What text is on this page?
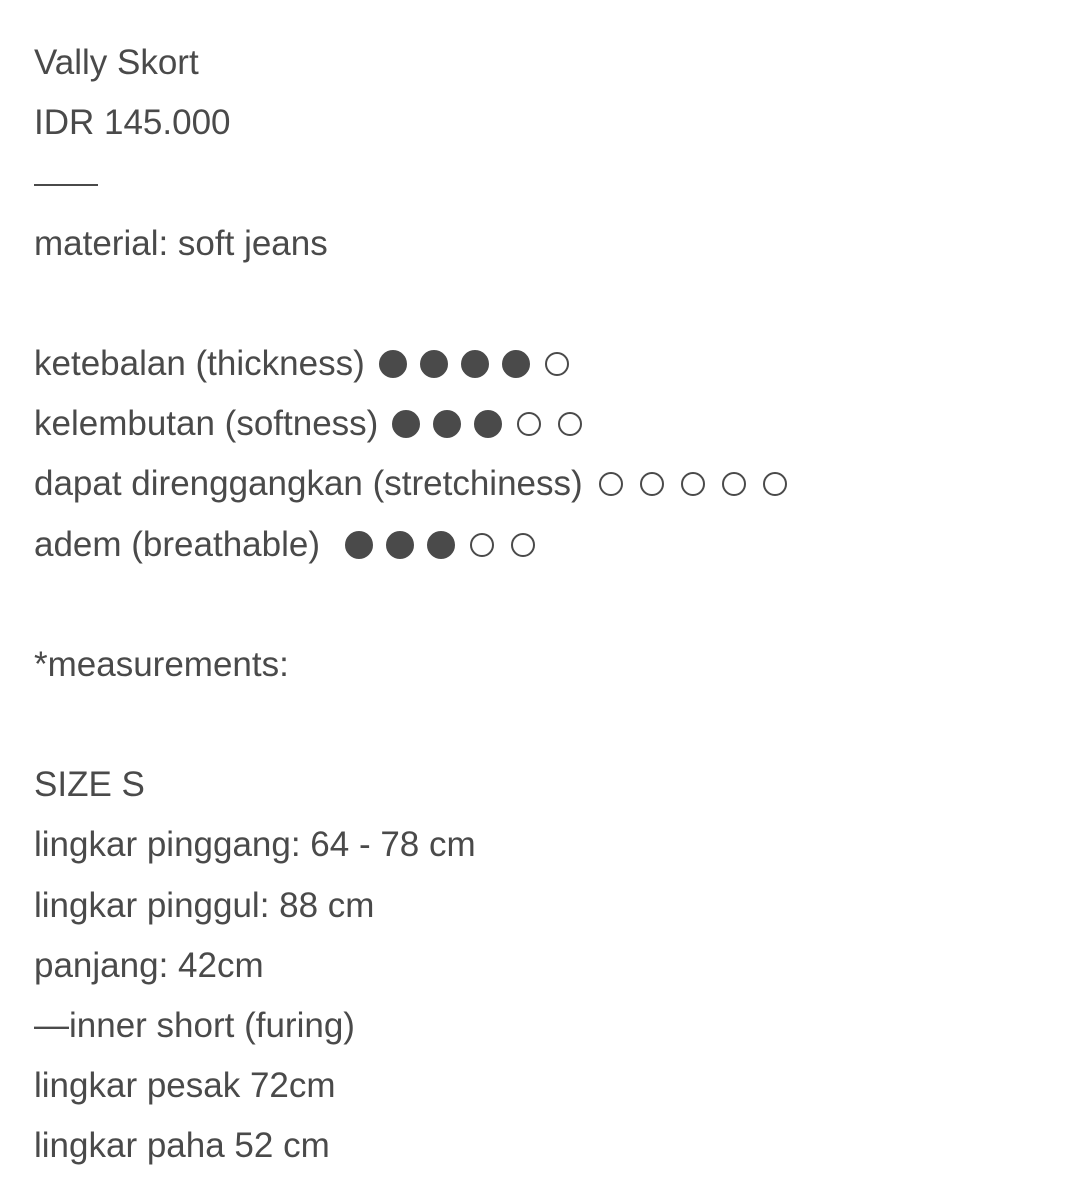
Vally Skort
IDR 145.000
material: soft jeans
ketebalan (thickness)
kelembutan (softness)
dapat direnggangkan (stretchiness)
adem (breathable)
*measurements:
SIZE S
lingkar pinggang: 64 - 78 cm
lingkar pinggul: 88 cm
panjang: 42cm
—inner short (furing)
lingkar pesak 72cm
lingkar paha 52 cm
